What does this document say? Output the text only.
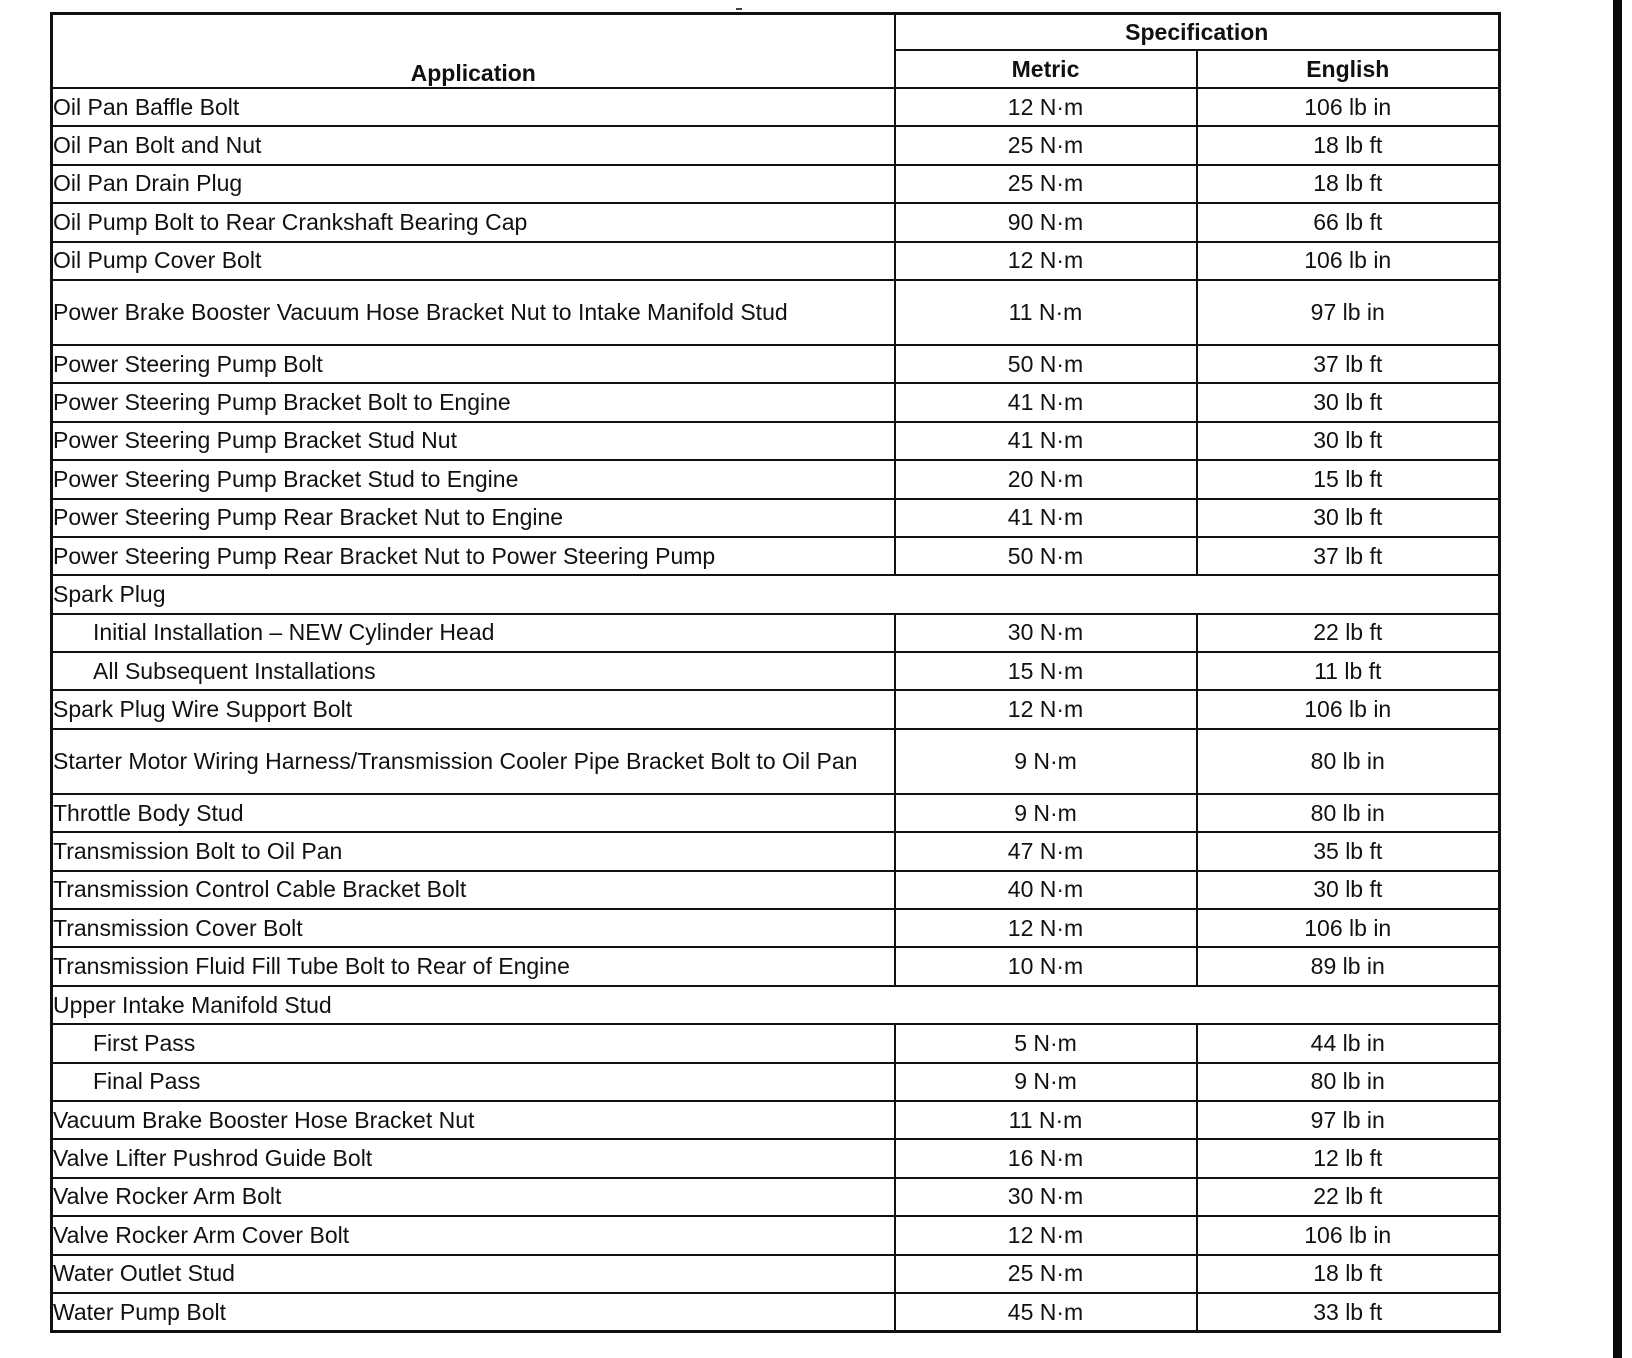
Application	Specification	
	Metric	English
Oil Pan Baffle Bolt	12 N·m	106 lb in
Oil Pan Bolt and Nut	25 N·m	18 lb ft
Oil Pan Drain Plug	25 N·m	18 lb ft
Oil Pump Bolt to Rear Crankshaft Bearing Cap	90 N·m	66 lb ft
Oil Pump Cover Bolt	12 N·m	106 lb in
Power Brake Booster Vacuum Hose Bracket Nut to Intake Manifold Stud	11 N·m	97 lb in
Power Steering Pump Bolt	50 N·m	37 lb ft
Power Steering Pump Bracket Bolt to Engine	41 N·m	30 lb ft
Power Steering Pump Bracket Stud Nut	41 N·m	30 lb ft
Power Steering Pump Bracket Stud to Engine	20 N·m	15 lb ft
Power Steering Pump Rear Bracket Nut to Engine	41 N·m	30 lb ft
Power Steering Pump Rear Bracket Nut to Power Steering Pump	50 N·m	37 lb ft
Spark Plug		
Initial Installation – NEW Cylinder Head	30 N·m	22 lb ft
All Subsequent Installations	15 N·m	11 lb ft
Spark Plug Wire Support Bolt	12 N·m	106 lb in
Starter Motor Wiring Harness/Transmission Cooler Pipe Bracket Bolt to Oil Pan	9 N·m	80 lb in
Throttle Body Stud	9 N·m	80 lb in
Transmission Bolt to Oil Pan	47 N·m	35 lb ft
Transmission Control Cable Bracket Bolt	40 N·m	30 lb ft
Transmission Cover Bolt	12 N·m	106 lb in
Transmission Fluid Fill Tube Bolt to Rear of Engine	10 N·m	89 lb in
Upper Intake Manifold Stud		
First Pass	5 N·m	44 lb in
Final Pass	9 N·m	80 lb in
Vacuum Brake Booster Hose Bracket Nut	11 N·m	97 lb in
Valve Lifter Pushrod Guide Bolt	16 N·m	12 lb ft
Valve Rocker Arm Bolt	30 N·m	22 lb ft
Valve Rocker Arm Cover Bolt	12 N·m	106 lb in
Water Outlet Stud	25 N·m	18 lb ft
Water Pump Bolt	45 N·m	33 lb ft
